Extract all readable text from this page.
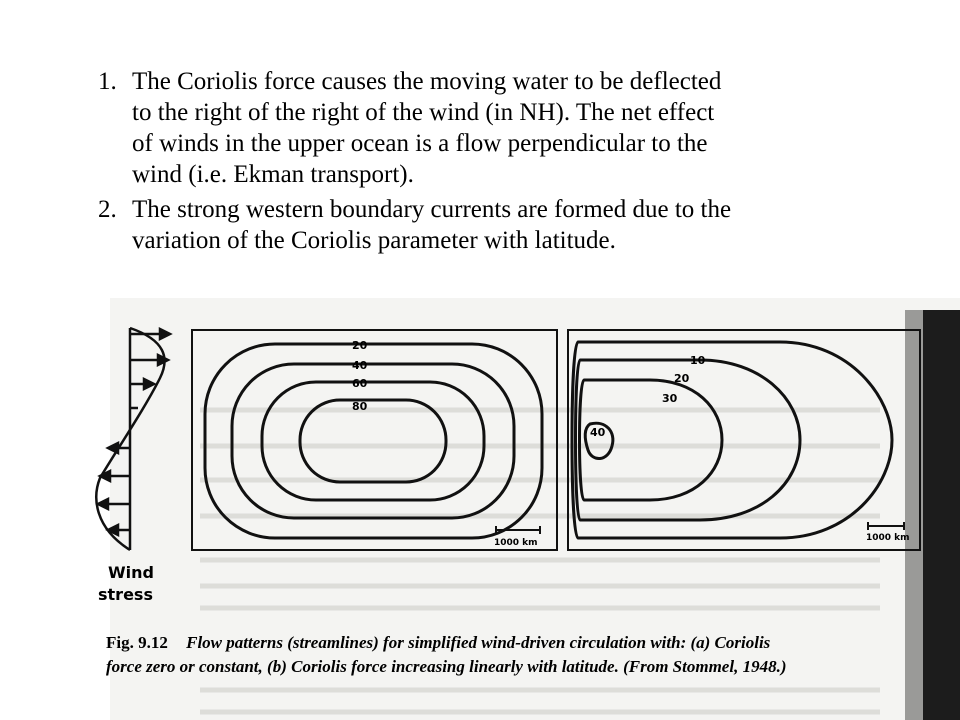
1. The Coriolis force causes the moving water to be deflected
to the right of the right of the wind (in NH). The net effect
of winds in the upper ocean is a flow perpendicular to the
wind (i.e. Ekman transport).
2. The strong western boundary currents are formed due to the
variation of the Coriolis parameter with latitude.
Wind
stress
20
40
60
80
1000 km
10
20
30
40
1000 km
Fig. 9.12 Flow patterns (streamlines) for simplified wind-driven circulation with: (a) Coriolis
force zero or constant, (b) Coriolis force increasing linearly with latitude. (From Stommel, 1948.)
